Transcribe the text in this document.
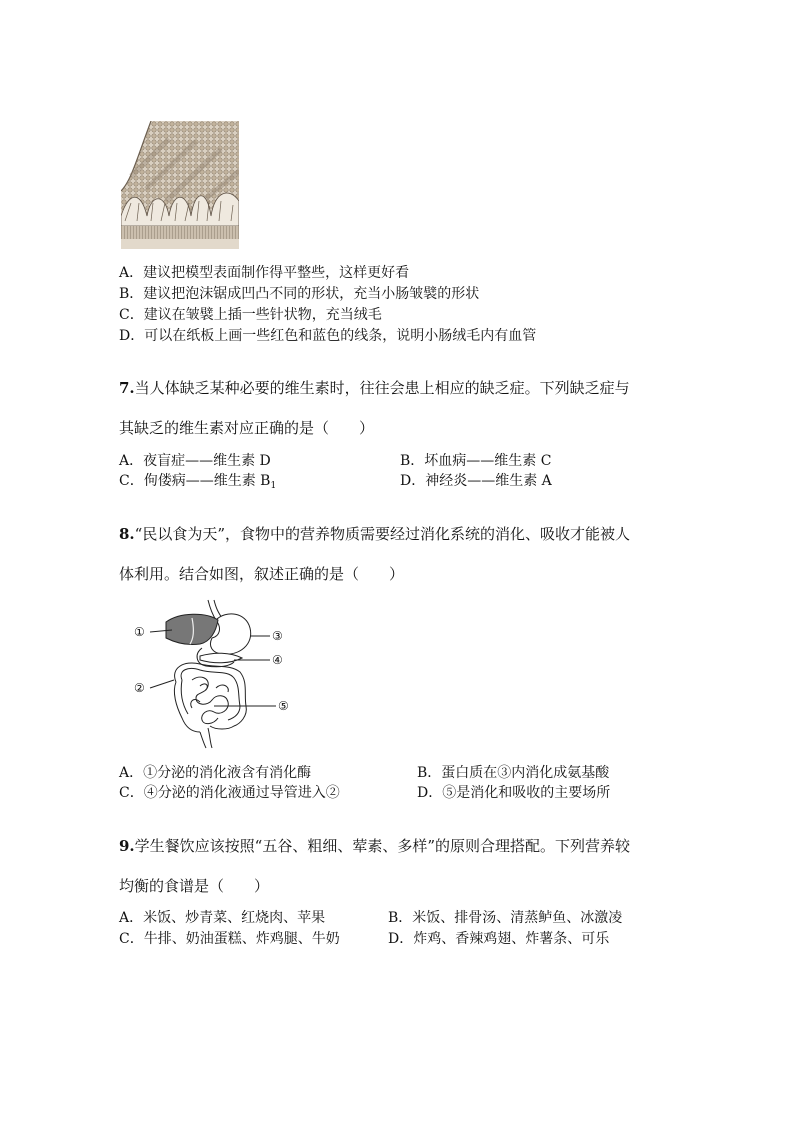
A．建议把模型表面制作得平整些，这样更好看
B．建议把泡沫锯成凹凸不同的形状，充当小肠皱襞的形状
C．建议在皱襞上插一些针状物，充当绒毛
D．可以在纸板上画一些红色和蓝色的线条，说明小肠绒毛内有血管
7.当人体缺乏某种必要的维生素时，往往会患上相应的缺乏症。下列缺乏症与
其缺乏的维生素对应正确的是（　　）
A．夜盲症——维生素 D	B．坏血病——维生素 C
C．佝偻病——维生素 $B_1$	D．神经炎——维生素 A
8.“民以食为天”，食物中的营养物质需要经过消化系统的消化、吸收才能被人
体利用。结合如图，叙述正确的是（　　）
①
②
③
④
⑤
A．①分泌的消化液含有消化酶	B．蛋白质在③内消化成氨基酸
C．④分泌的消化液通过导管进入②	D．⑤是消化和吸收的主要场所
9.学生餐饮应该按照“五谷、粗细、荤素、多样”的原则合理搭配。下列营养较
均衡的食谱是（　　）
A．米饭、炒青菜、红烧肉、苹果	B．米饭、排骨汤、清蒸鲈鱼、冰激凌
C．牛排、奶油蛋糕、炸鸡腿、牛奶	D．炸鸡、香辣鸡翅、炸薯条、可乐
